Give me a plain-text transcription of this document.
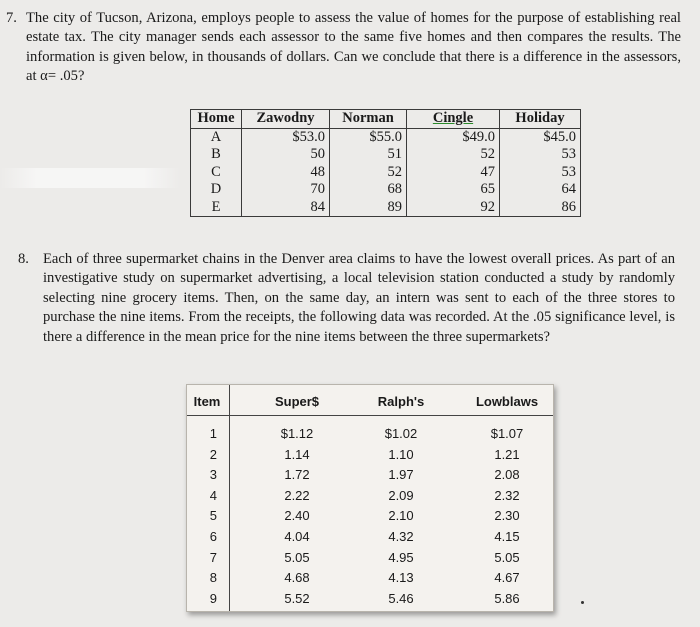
7. The city of Tucson, Arizona, employs people to assess the value of homes for the purpose of establishing real estate tax. The city manager sends each assessor to the same five homes and then compares the results. The information is given below, in thousands of dollars. Can we conclude that there is a difference in the assessors, at α= .05?
Home	Zawodny	Norman	Cingle	Holiday
A	$53.0	$55.0	$49.0	$45.0
B	50	51	52	53
C	48	52	47	53
D	70	68	65	64
E	84	89	92	86
8. Each of three supermarket chains in the Denver area claims to have the lowest overall prices. As part of an investigative study on supermarket advertising, a local television station conducted a study by randomly selecting nine grocery items. Then, on the same day, an intern was sent to each of the three stores to purchase the nine items. From the receipts, the following data was recorded. At the .05 significance level, is there a difference in the mean price for the nine items between the three supermarkets?
Item	Super$	Ralph's	Lowblaws
1	$1.12	$1.02	$1.07
2	1.14	1.10	1.21
3	1.72	1.97	2.08
4	2.22	2.09	2.32
5	2.40	2.10	2.30
6	4.04	4.32	4.15
7	5.05	4.95	5.05
8	4.68	4.13	4.67
9	5.52	5.46	5.86
